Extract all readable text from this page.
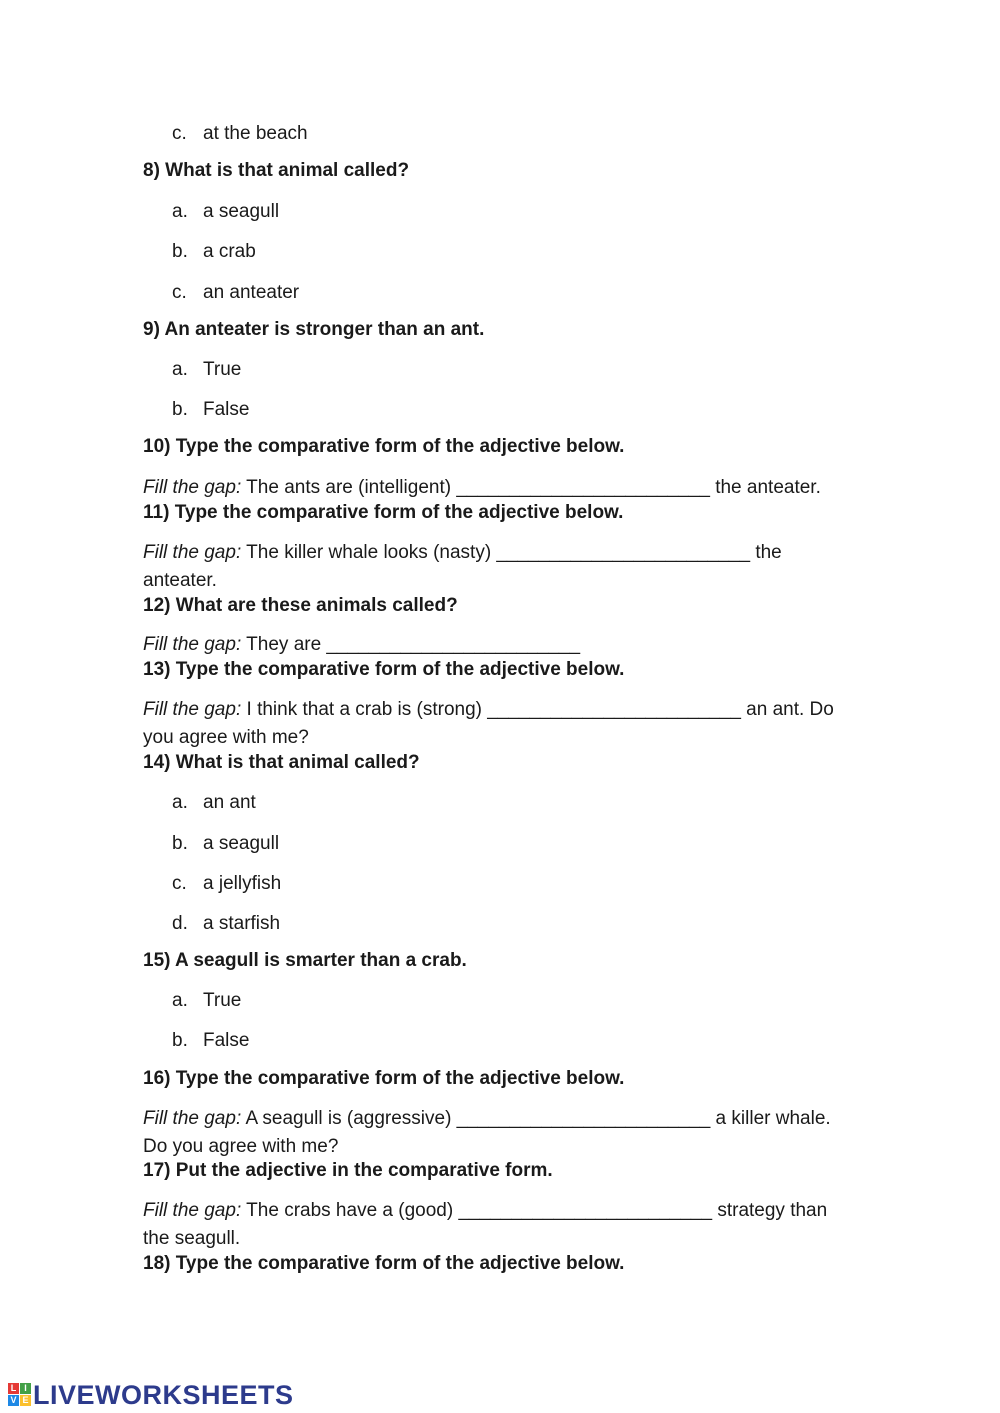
c. at the beach
8) What is that animal called?
a. a seagull
b. a crab
c. an anteater
9) An anteater is stronger than an ant.
a. True
b. False
10) Type the comparative form of the adjective below.
Fill the gap: The ants are (intelligent) ________________________ the anteater.
11) Type the comparative form of the adjective below.
Fill the gap: The killer whale looks (nasty) ________________________ the anteater.
12) What are these animals called?
Fill the gap: They are ________________________
13) Type the comparative form of the adjective below.
Fill the gap: I think that a crab is (strong) ________________________ an ant. Do you agree with me?
14) What is that animal called?
a. an ant
b. a seagull
c. a jellyfish
d. a starfish
15) A seagull is smarter than a crab.
a. True
b. False
16) Type the comparative form of the adjective below.
Fill the gap: A seagull is (aggressive) ________________________ a killer whale. Do you agree with me?
17) Put the adjective in the comparative form.
Fill the gap: The crabs have a (good) ________________________ strategy than the seagull.
18) Type the comparative form of the adjective below.
L I
V E LIVEWORKSHEETS
